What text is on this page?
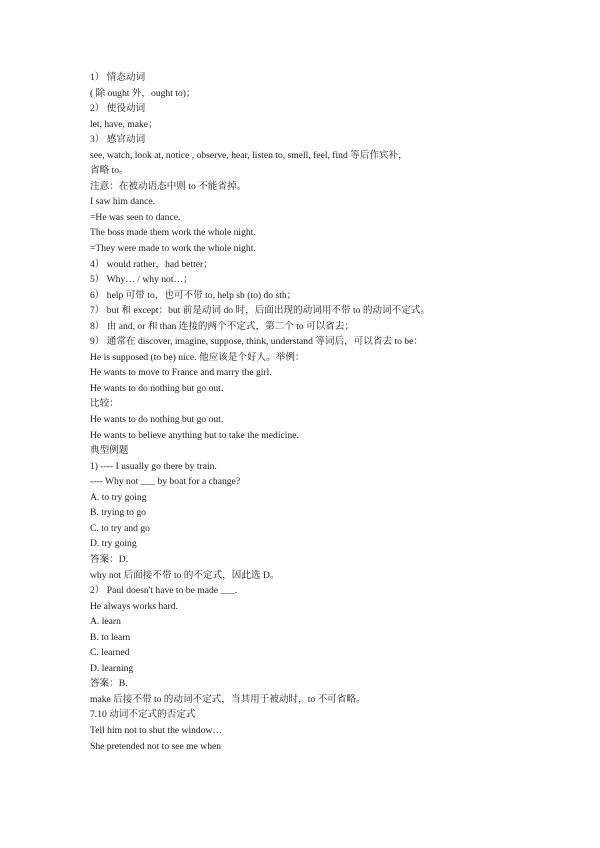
1） 情态动词
( 除 ought 外，ought to)；
2） 使役动词
let, have, make；
3） 感官动词
see, watch, look at, notice , observe, hear, listen to, smell, feel, find 等后作宾补，
省略 to。
注意：在被动语态中则 to 不能省掉。
I saw him dance.
=He was seen to dance.
The boss made them work the whole night.
=They were made to work the whole night.
4） would rather，had better；
5） Why… / why not…；
6） help 可带 to，也可不带 to, help sb (to) do sth；
7） but 和 except：but 前是动词 do 时，后面出现的动词用不带 to 的动词不定式。
8） 由 and, or 和 than 连接的两个不定式，第二个 to 可以省去；
9） 通常在 discover, imagine, suppose, think, understand 等词后，可以省去 to be：
He is supposed (to be) nice. 他应该是个好人。举例：
He wants to move to France and marry the girl.
He wants to do nothing but go out.
比较：
He wants to do nothing but go out.
He wants to believe anything but to take the medicine.
典型例题
1) ---- I usually go there by train.
---- Why not ___ by boat for a change?
A. to try going
B. trying to go
C. to try and go
D. try going
答案：D.
why not 后面接不带 to 的不定式，因此选 D。
2） Paul doesn't have to be made ___.
He always works hard.
A. learn
B. to learn
C. learned
D. learning
答案：B.
make 后接不带 to 的动词不定式，当其用于被动时，to 不可省略。
7.10 动词不定式的否定式
Tell him not to shut the window…
She pretended not to see me when
